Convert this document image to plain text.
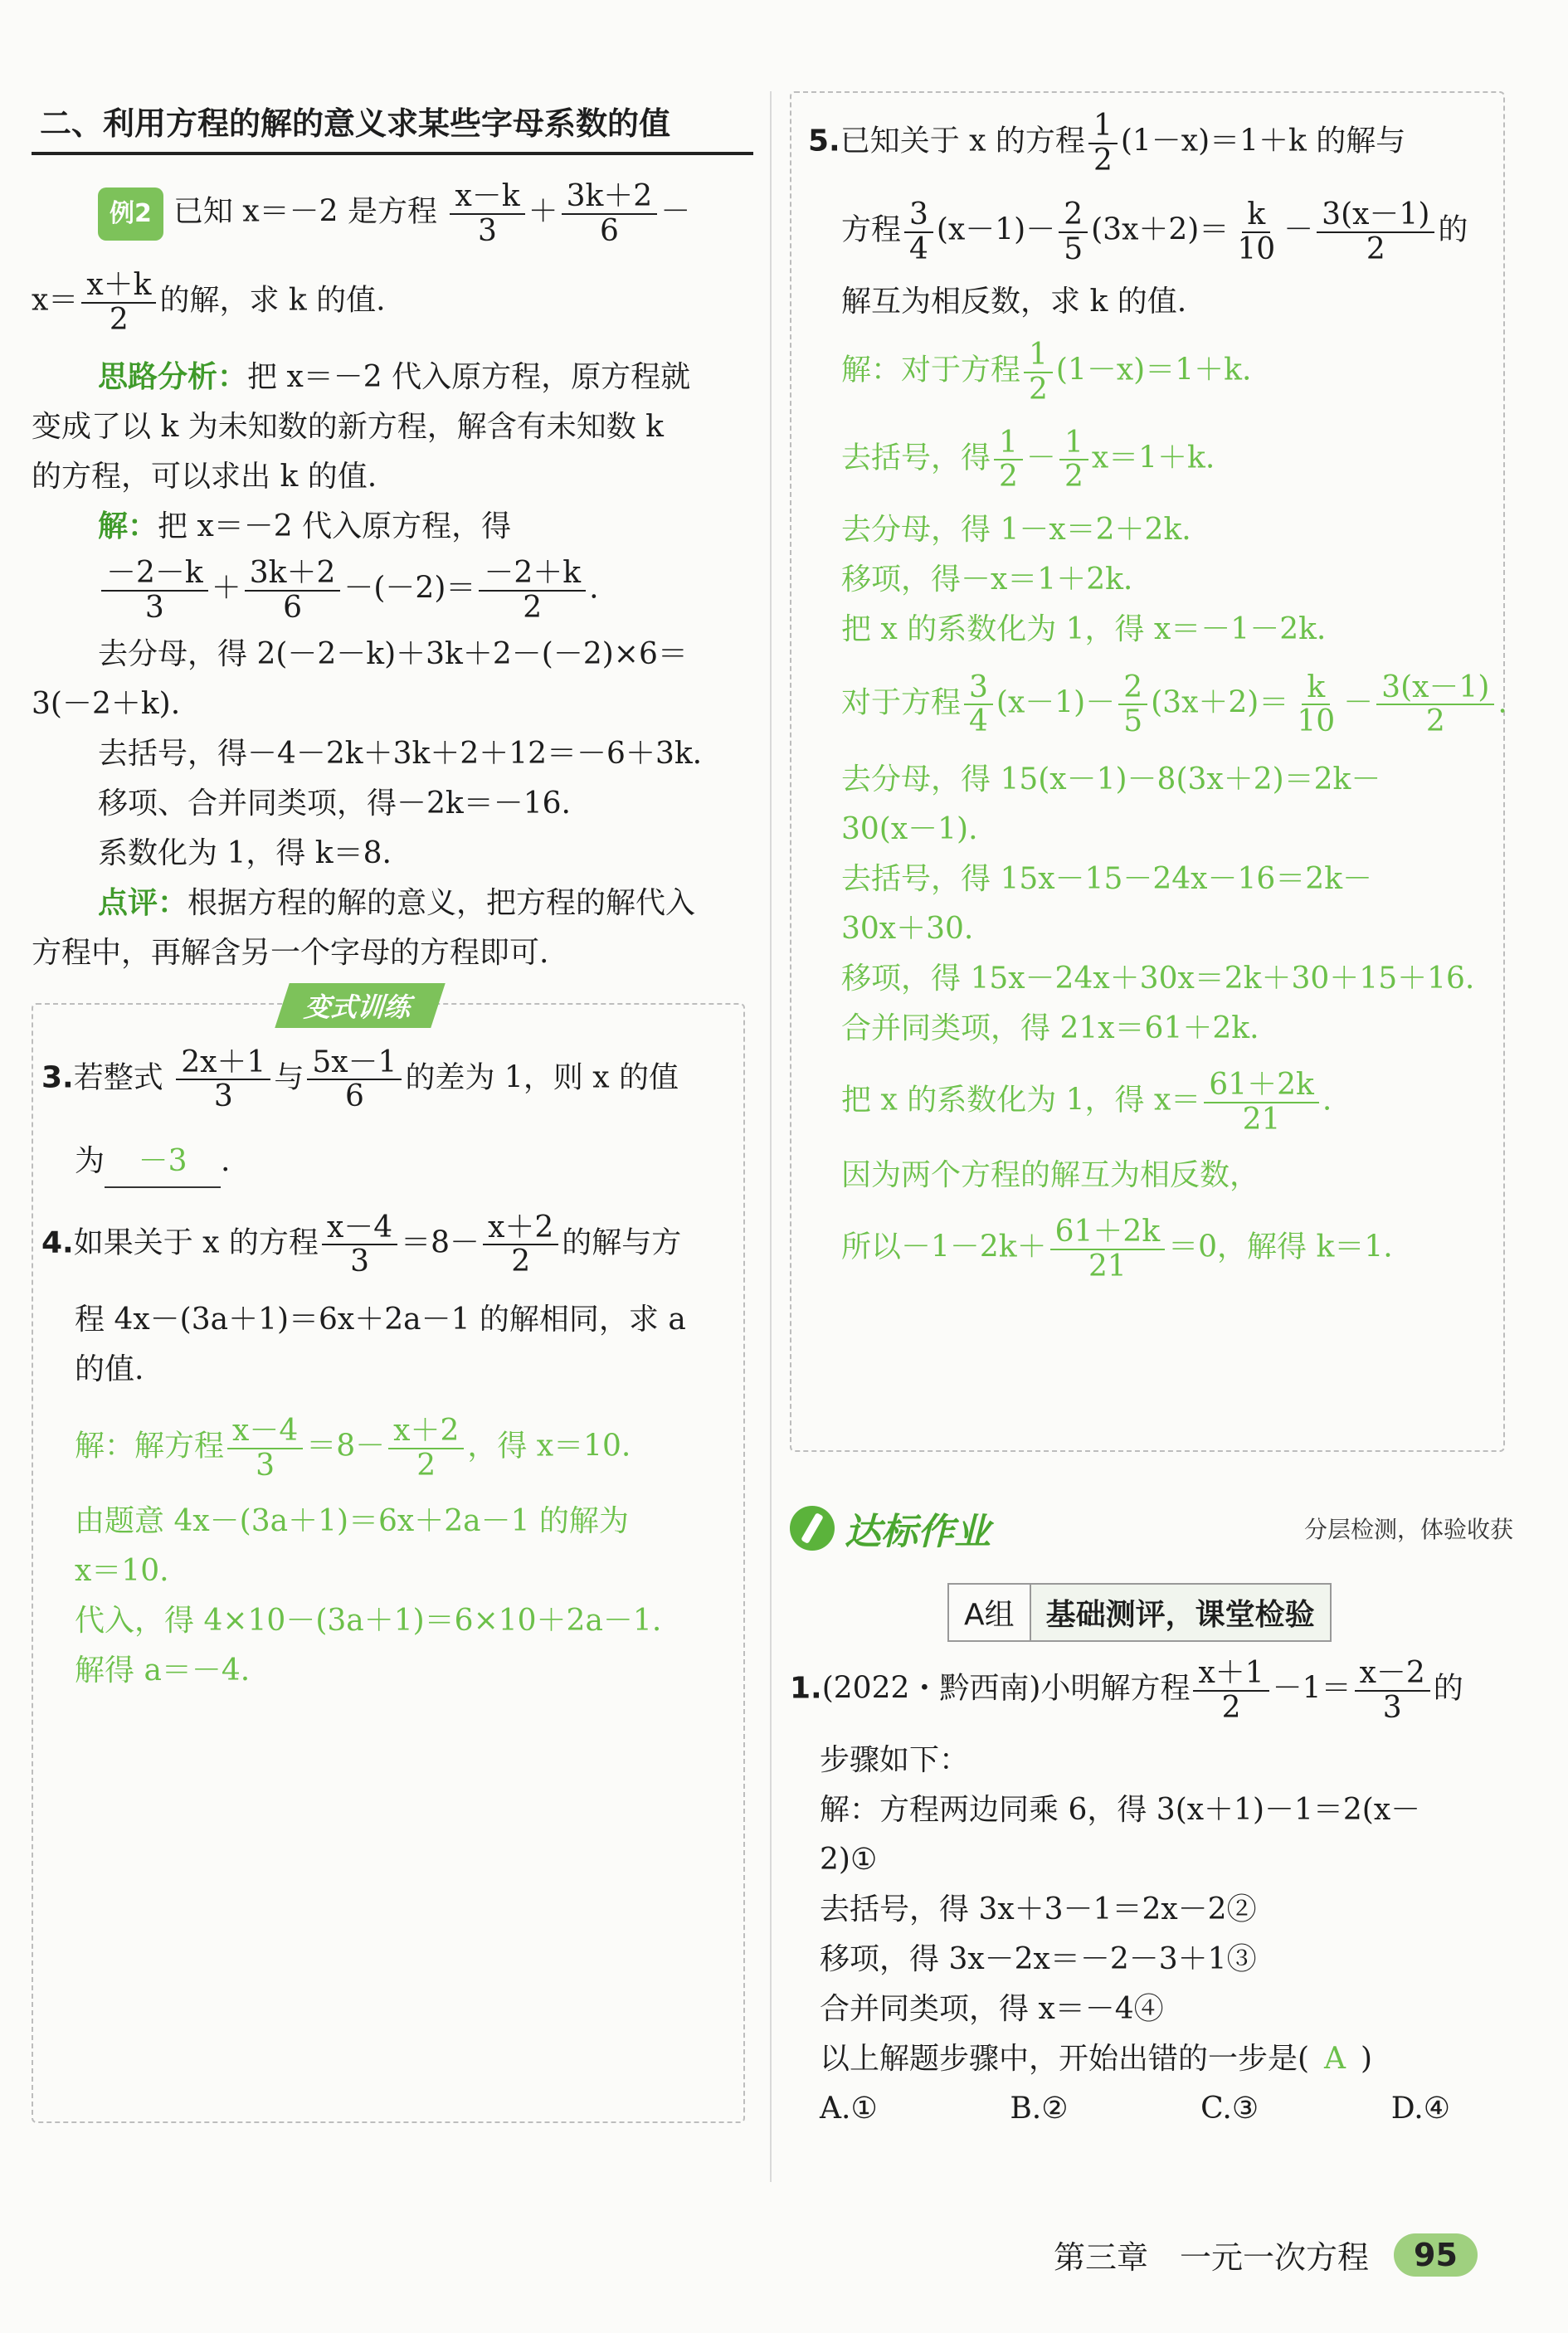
二、利用方程的解的意义求某些字母系数的值
例2 已知 x＝－2 是方程 $\frac{x-k}{3} + \frac{3k+2}{6}$ －
$x= \frac{x+k}{2}$ 的解，求 k 的值.
思路分析：把 x＝－2 代入原方程，原方程就
变成了以 k 为未知数的新方程，解含有未知数 k
的方程，可以求出 k 的值.
解：把 x＝－2 代入原方程，得
$\frac{-2-k}{3} + \frac{3k+2}{6} -(-2)= \frac{-2+k}{2}$ .
去分母，得 2(－2－k)＋3k＋2－(－2)×6＝
3(－2＋k).
去括号，得－4－2k＋3k＋2＋12＝－6＋3k.
移项、合并同类项，得－2k＝－16.
系数化为 1，得 k＝8.
点评：根据方程的解的意义，把方程的解代入
方程中，再解含另一个字母的方程即可.
变式训练
3.若整式 $\frac{2x+1}{3}$ 与 $\frac{5x-1}{6}$ 的差为 1，则 x 的值
为 －3 .
4.如果关于 x 的方程 $\frac{x-4}{3} =8- \frac{x+2}{2}$ 的解与方
程 4x－(3a＋1)＝6x＋2a－1 的解相同，求 a
的值.
解：解方程 $\frac{x-4}{3} =8- \frac{x+2}{2}$ ，得 x＝10.
由题意 4x－(3a＋1)＝6x＋2a－1 的解为
x＝10.
代入，得 4×10－(3a＋1)＝6×10＋2a－1.
解得 a＝－4.
5.已知关于 x 的方程 $\frac{1}{2} (1-x)=1+k$ 的解与
方程 $\frac{3}{4} (x-1)- \frac{2}{5} (3x+2)= \frac{k}{10} - \frac{3(x-1)}{2}$ 的
解互为相反数，求 k 的值.
解：对于方程 $\frac{1}{2} (1-x)=1+k$.
去括号，得 $\frac{1}{2} - \frac{1}{2} x=1+k$.
去分母，得 1－x＝2＋2k.
移项，得－x＝1＋2k.
把 x 的系数化为 1，得 x＝－1－2k.
对于方程 $\frac{3}{4} (x-1)- \frac{2}{5} (3x+2)= \frac{k}{10} - \frac{3(x-1)}{2}$ .
去分母，得 15(x－1)－8(3x＋2)＝2k－
30(x－1).
去括号，得 15x－15－24x－16＝2k－
30x＋30.
移项，得 15x－24x＋30x＝2k＋30＋15＋16.
合并同类项，得 21x＝61＋2k.
把 x 的系数化为 1，得 $x= \frac{61+2k}{21}$ .
因为两个方程的解互为相反数，
所以$-1-2k+ \frac{61+2k}{21} =0$，解得 k＝1.
达标作业	分层检测，体验收获
A组	基础测评，课堂检验
1.(2022・黔西南)小明解方程 $\frac{x+1}{2} -1= \frac{x-2}{3}$ 的
步骤如下：
解：方程两边同乘 6，得 3(x＋1)－1＝2(x－
2)①
去括号，得 3x＋3－1＝2x－2②
移项，得 3x－2x＝－2－3＋1③
合并同类项，得 x＝－4④
以上解题步骤中，开始出错的一步是( A )
A.①	B.②	C.③	D.④
第三章　一元一次方程	95
